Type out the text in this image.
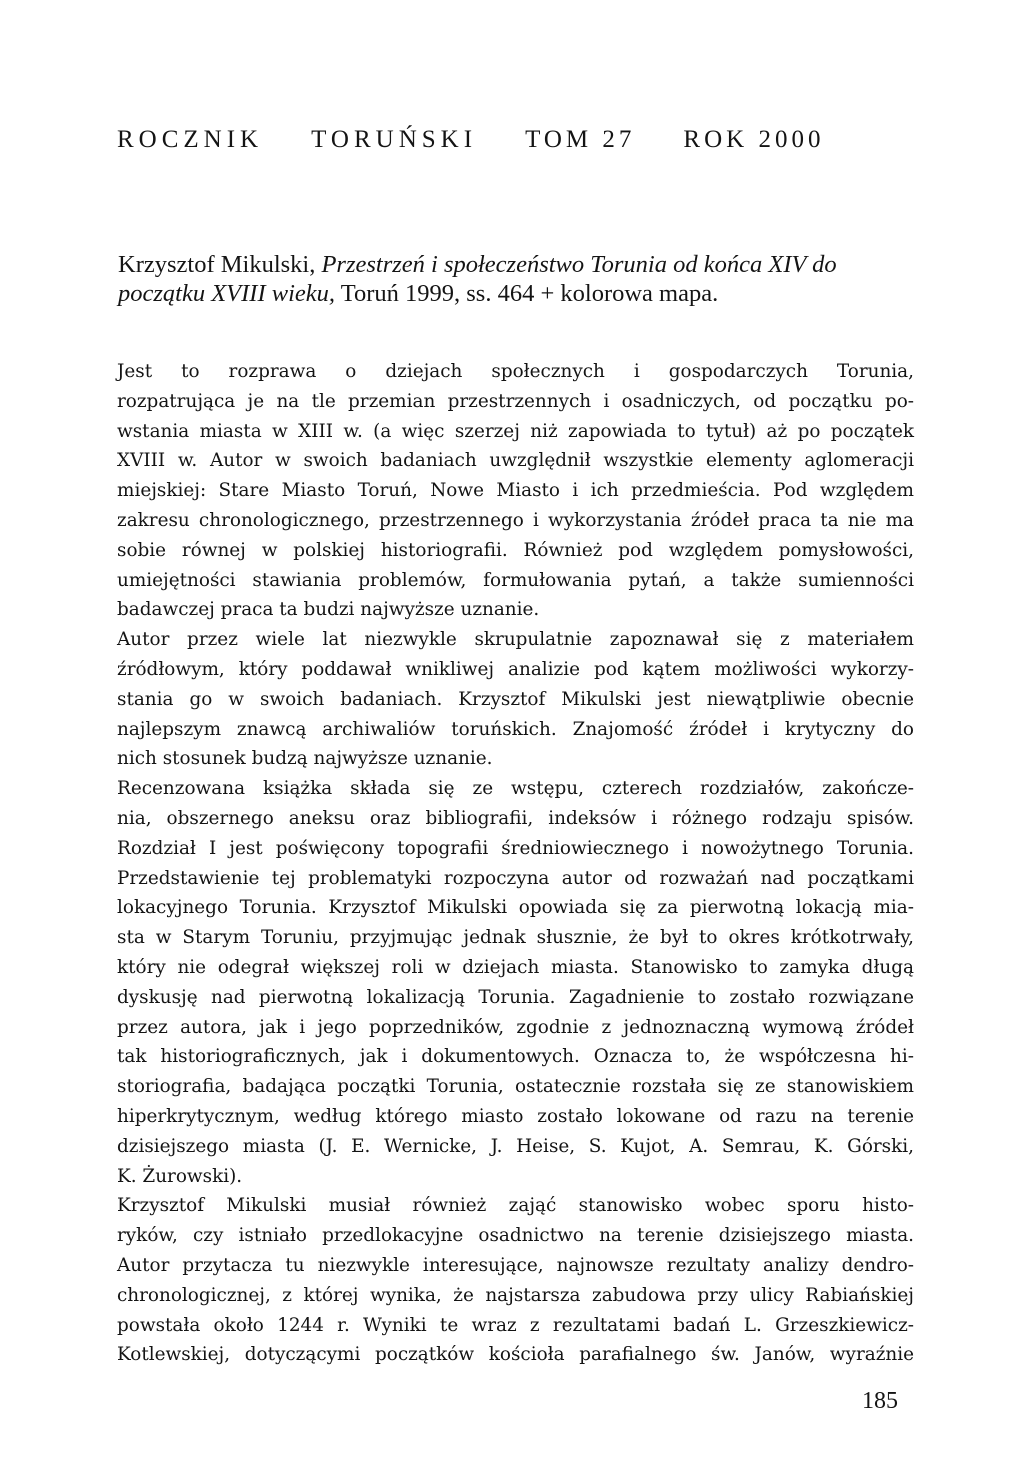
ROCZNIK TORUŃSKI TOM 27 ROK 2000
Krzysztof Mikulski, Przestrzeń i społeczeństwo Torunia od końca XIV do początku XVIII wieku, Toruń 1999, ss. 464 + kolorowa mapa.
Jest to rozprawa o dziejach społecznych i gospodarczych Torunia,
rozpatrująca je na tle przemian przestrzennych i osadniczych, od początku po-
wstania miasta w XIII w. (a więc szerzej niż zapowiada to tytuł) aż po początek
XVIII w. Autor w swoich badaniach uwzględnił wszystkie elementy aglomeracji
miejskiej: Stare Miasto Toruń, Nowe Miasto i ich przedmieścia. Pod względem
zakresu chronologicznego, przestrzennego i wykorzystania źródeł praca ta nie ma
sobie równej w polskiej historiografii. Również pod względem pomysłowości,
umiejętności stawiania problemów, formułowania pytań, a także sumienności
badawczej praca ta budzi najwyższe uznanie.
Autor przez wiele lat niezwykle skrupulatnie zapoznawał się z materiałem
źródłowym, który poddawał wnikliwej analizie pod kątem możliwości wykorzy-
stania go w swoich badaniach. Krzysztof Mikulski jest niewątpliwie obecnie
najlepszym znawcą archiwaliów toruńskich. Znajomość źródeł i krytyczny do
nich stosunek budzą najwyższe uznanie.
Recenzowana książka składa się ze wstępu, czterech rozdziałów, zakończe-
nia, obszernego aneksu oraz bibliografii, indeksów i różnego rodzaju spisów.
Rozdział I jest poświęcony topografii średniowiecznego i nowożytnego Torunia.
Przedstawienie tej problematyki rozpoczyna autor od rozważań nad początkami
lokacyjnego Torunia. Krzysztof Mikulski opowiada się za pierwotną lokacją mia-
sta w Starym Toruniu, przyjmując jednak słusznie, że był to okres krótkotrwały,
który nie odegrał większej roli w dziejach miasta. Stanowisko to zamyka długą
dyskusję nad pierwotną lokalizacją Torunia. Zagadnienie to zostało rozwiązane
przez autora, jak i jego poprzedników, zgodnie z jednoznaczną wymową źródeł
tak historiograficznych, jak i dokumentowych. Oznacza to, że współczesna hi-
storiografia, badająca początki Torunia, ostatecznie rozstała się ze stanowiskiem
hiperkrytycznym, według którego miasto zostało lokowane od razu na terenie
dzisiejszego miasta (J. E. Wernicke, J. Heise, S. Kujot, A. Semrau, K. Górski,
K. Żurowski).
Krzysztof Mikulski musiał również zająć stanowisko wobec sporu histo-
ryków, czy istniało przedlokacyjne osadnictwo na terenie dzisiejszego miasta.
Autor przytacza tu niezwykle interesujące, najnowsze rezultaty analizy dendro-
chronologicznej, z której wynika, że najstarsza zabudowa przy ulicy Rabiańskiej
powstała około 1244 r. Wyniki te wraz z rezultatami badań L. Grzeszkiewicz-
Kotlewskiej, dotyczącymi początków kościoła parafialnego św. Janów, wyraźnie
185
